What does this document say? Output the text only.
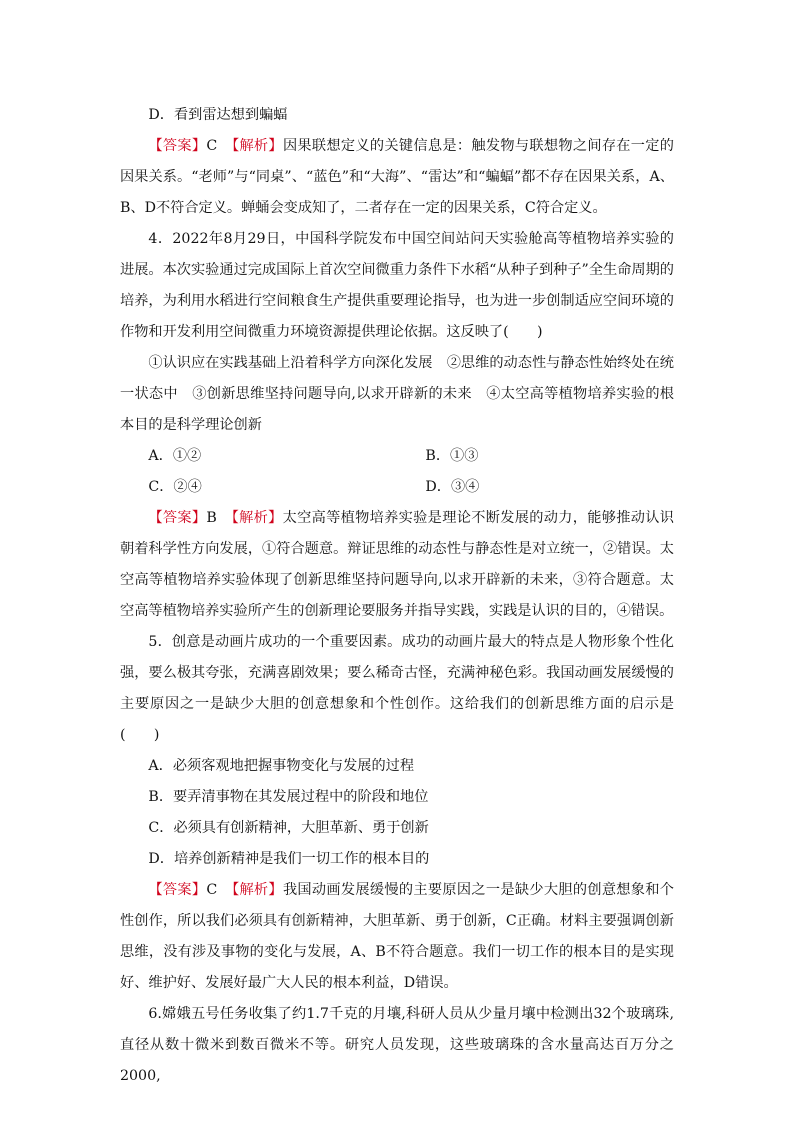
D．看到雷达想到蝙蝠

【答案】C　 【解析】因果联想定义的关键信息是：触发物与联想物之间存在一定的因果关系。“老师”与“同桌”、“蓝色”和“大海”、“雷达”和“蝙蝠”都不存在因果关系，A、B、D不符合定义。蝉蛹会变成知了，二者存在一定的因果关系，C符合定义。

4．2022年8月29日，中国科学院发布中国空间站问天实验舱高等植物培养实验的进展。本次实验通过完成国际上首次空间微重力条件下水稻“从种子到种子”全生命周期的培养，为利用水稻进行空间粮食生产提供重要理论指导，也为进一步创制适应空间环境的作物和开发利用空间微重力环境资源提供理论依据。这反映了(　　)

①认识应在实践基础上沿着科学方向深化发展　②思维的动态性与静态性始终处在统一状态中　③创新思维坚持问题导向,以求开辟新的未来　④太空高等植物培养实验的根本目的是科学理论创新

A．①②	B．①③

C．②④	D．③④

【答案】B　 【解析】太空高等植物培养实验是理论不断发展的动力，能够推动认识朝着科学性方向发展，①符合题意。辩证思维的动态性与静态性是对立统一，②错误。太空高等植物培养实验体现了创新思维坚持问题导向,以求开辟新的未来，③符合题意。太空高等植物培养实验所产生的创新理论要服务并指导实践，实践是认识的目的，④错误。

5．创意是动画片成功的一个重要因素。成功的动画片最大的特点是人物形象个性化强，要么极其夸张，充满喜剧效果；要么稀奇古怪，充满神秘色彩。我国动画发展缓慢的主要原因之一是缺少大胆的创意想象和个性创作。这给我们的创新思维方面的启示是(　　)

A．必须客观地把握事物变化与发展的过程

B．要弄清事物在其发展过程中的阶段和地位

C．必须具有创新精神，大胆革新、勇于创新

D．培养创新精神是我们一切工作的根本目的

【答案】C　 【解析】我国动画发展缓慢的主要原因之一是缺少大胆的创意想象和个性创作，所以我们必须具有创新精神，大胆革新、勇于创新，C正确。材料主要强调创新思维，没有涉及事物的变化与发展，A、B不符合题意。我们一切工作的根本目的是实现好、维护好、发展好最广大人民的根本利益，D错误。

6.嫦娥五号任务收集了约1.7千克的月壤,科研人员从少量月壤中检测出32个玻璃珠,直径从数十微米到数百微米不等。研究人员发现，这些玻璃珠的含水量高达百万分之2000,
